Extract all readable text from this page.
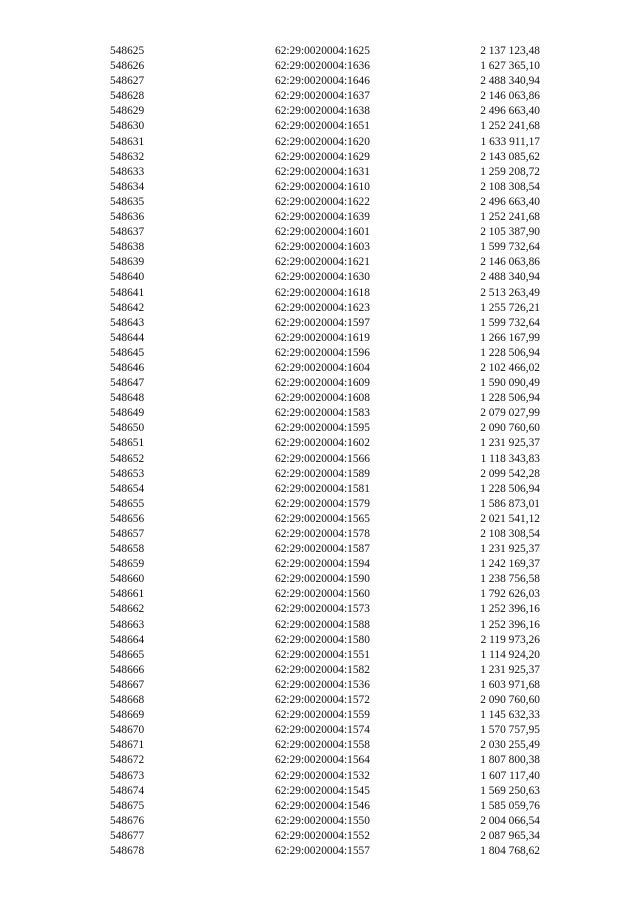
548625	62:29:0020004:1625	2 137 123,48
548626	62:29:0020004:1636	1 627 365,10
548627	62:29:0020004:1646	2 488 340,94
548628	62:29:0020004:1637	2 146 063,86
548629	62:29:0020004:1638	2 496 663,40
548630	62:29:0020004:1651	1 252 241,68
548631	62:29:0020004:1620	1 633 911,17
548632	62:29:0020004:1629	2 143 085,62
548633	62:29:0020004:1631	1 259 208,72
548634	62:29:0020004:1610	2 108 308,54
548635	62:29:0020004:1622	2 496 663,40
548636	62:29:0020004:1639	1 252 241,68
548637	62:29:0020004:1601	2 105 387,90
548638	62:29:0020004:1603	1 599 732,64
548639	62:29:0020004:1621	2 146 063,86
548640	62:29:0020004:1630	2 488 340,94
548641	62:29:0020004:1618	2 513 263,49
548642	62:29:0020004:1623	1 255 726,21
548643	62:29:0020004:1597	1 599 732,64
548644	62:29:0020004:1619	1 266 167,99
548645	62:29:0020004:1596	1 228 506,94
548646	62:29:0020004:1604	2 102 466,02
548647	62:29:0020004:1609	1 590 090,49
548648	62:29:0020004:1608	1 228 506,94
548649	62:29:0020004:1583	2 079 027,99
548650	62:29:0020004:1595	2 090 760,60
548651	62:29:0020004:1602	1 231 925,37
548652	62:29:0020004:1566	1 118 343,83
548653	62:29:0020004:1589	2 099 542,28
548654	62:29:0020004:1581	1 228 506,94
548655	62:29:0020004:1579	1 586 873,01
548656	62:29:0020004:1565	2 021 541,12
548657	62:29:0020004:1578	2 108 308,54
548658	62:29:0020004:1587	1 231 925,37
548659	62:29:0020004:1594	1 242 169,37
548660	62:29:0020004:1590	1 238 756,58
548661	62:29:0020004:1560	1 792 626,03
548662	62:29:0020004:1573	1 252 396,16
548663	62:29:0020004:1588	1 252 396,16
548664	62:29:0020004:1580	2 119 973,26
548665	62:29:0020004:1551	1 114 924,20
548666	62:29:0020004:1582	1 231 925,37
548667	62:29:0020004:1536	1 603 971,68
548668	62:29:0020004:1572	2 090 760,60
548669	62:29:0020004:1559	1 145 632,33
548670	62:29:0020004:1574	1 570 757,95
548671	62:29:0020004:1558	2 030 255,49
548672	62:29:0020004:1564	1 807 800,38
548673	62:29:0020004:1532	1 607 117,40
548674	62:29:0020004:1545	1 569 250,63
548675	62:29:0020004:1546	1 585 059,76
548676	62:29:0020004:1550	2 004 066,54
548677	62:29:0020004:1552	2 087 965,34
548678	62:29:0020004:1557	1 804 768,62
